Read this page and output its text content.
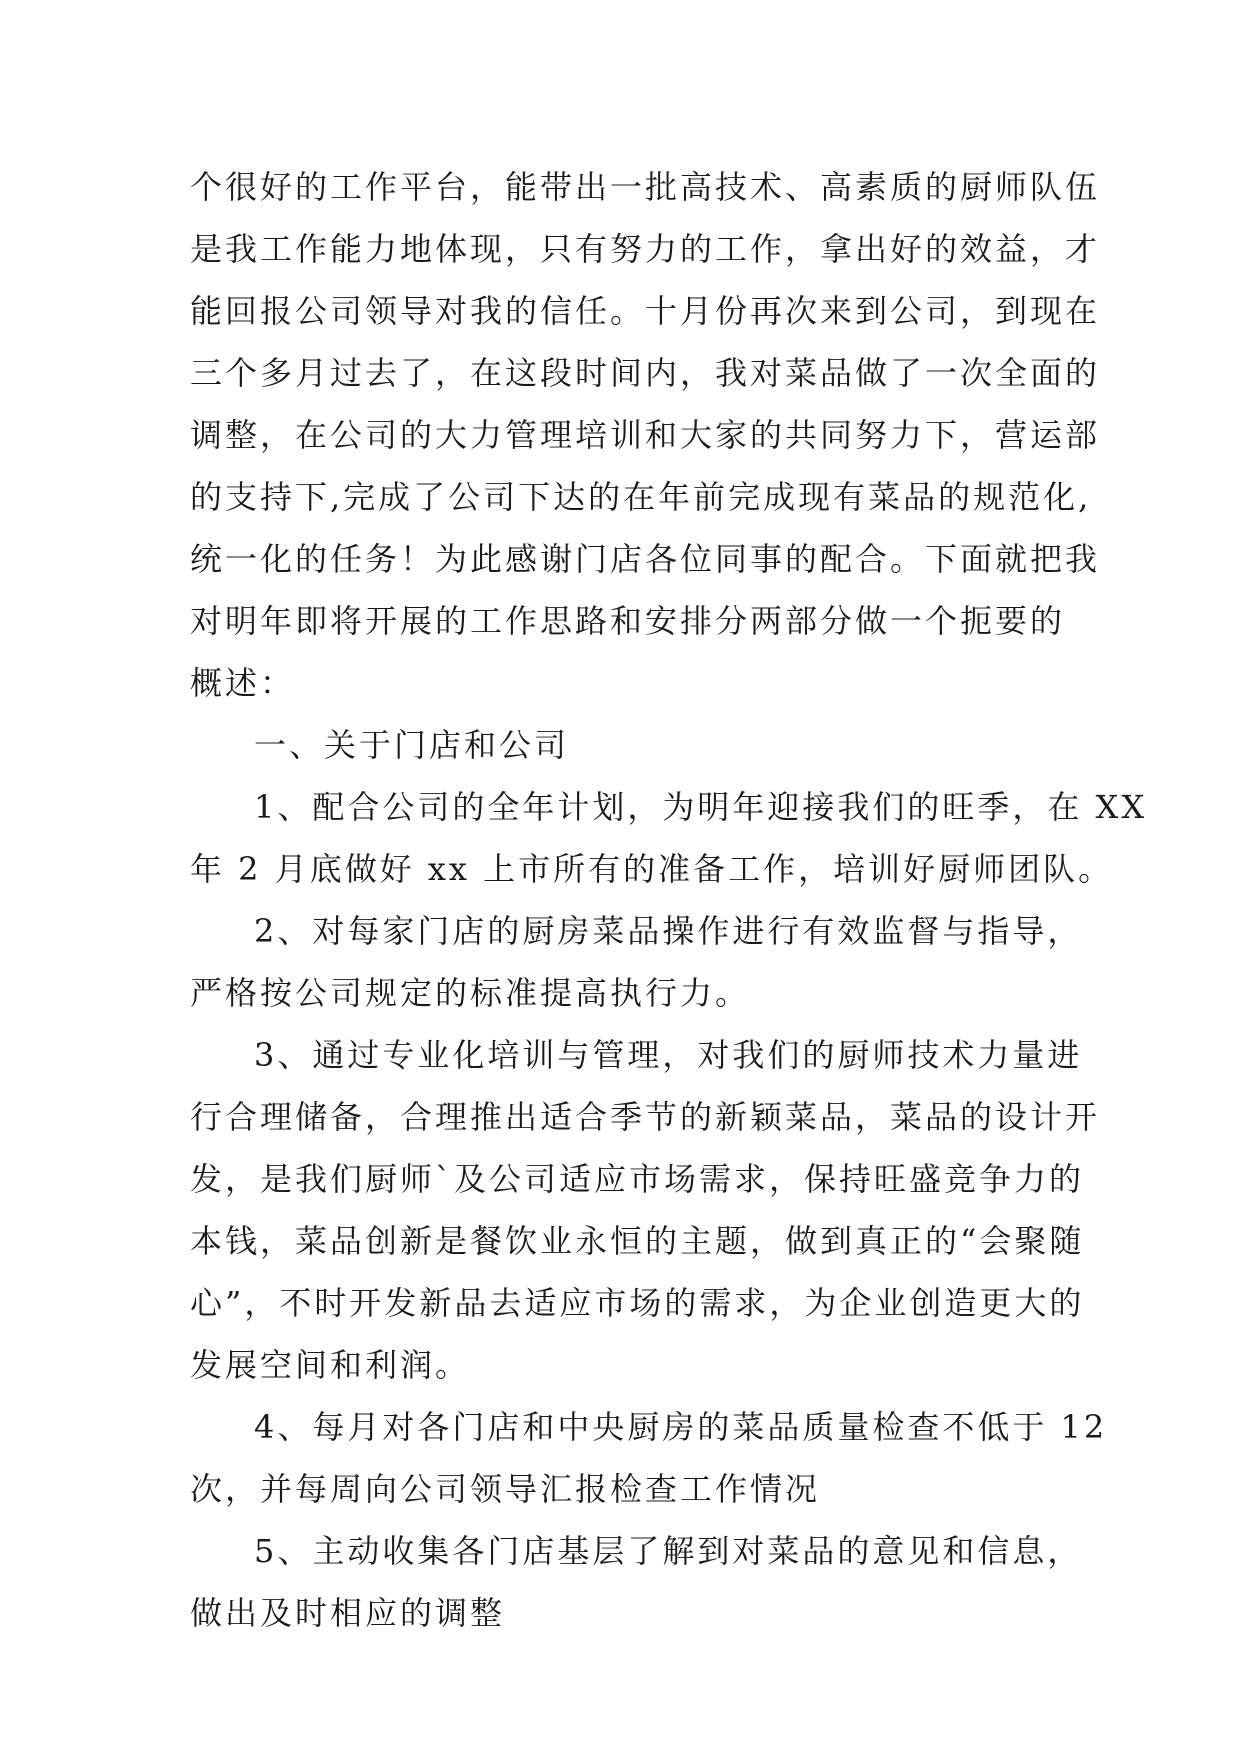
个很好的工作平台，能带出一批高技术、高素质的厨师队伍
是我工作能力地体现，只有努力的工作，拿出好的效益，才
能回报公司领导对我的信任。十月份再次来到公司，到现在
三个多月过去了，在这段时间内，我对菜品做了一次全面的
调整，在公司的大力管理培训和大家的共同努力下，营运部
的支持下,完成了公司下达的在年前完成现有菜品的规范化,
统一化的任务！为此感谢门店各位同事的配合。下面就把我
对明年即将开展的工作思路和安排分两部分做一个扼要的
概述：
一、关于门店和公司
1、配合公司的全年计划，为明年迎接我们的旺季，在 XX
年 2 月底做好 xx 上市所有的准备工作，培训好厨师团队。
2、对每家门店的厨房菜品操作进行有效监督与指导，
严格按公司规定的标准提高执行力。
3、通过专业化培训与管理，对我们的厨师技术力量进
行合理储备，合理推出适合季节的新颖菜品，菜品的设计开
发，是我们厨师`及公司适应市场需求，保持旺盛竞争力的
本钱，菜品创新是餐饮业永恒的主题，做到真正的“会聚随
心”，不时开发新品去适应市场的需求，为企业创造更大的
发展空间和利润。
4、每月对各门店和中央厨房的菜品质量检查不低于 12
次，并每周向公司领导汇报检查工作情况
5、主动收集各门店基层了解到对菜品的意见和信息，
做出及时相应的调整
